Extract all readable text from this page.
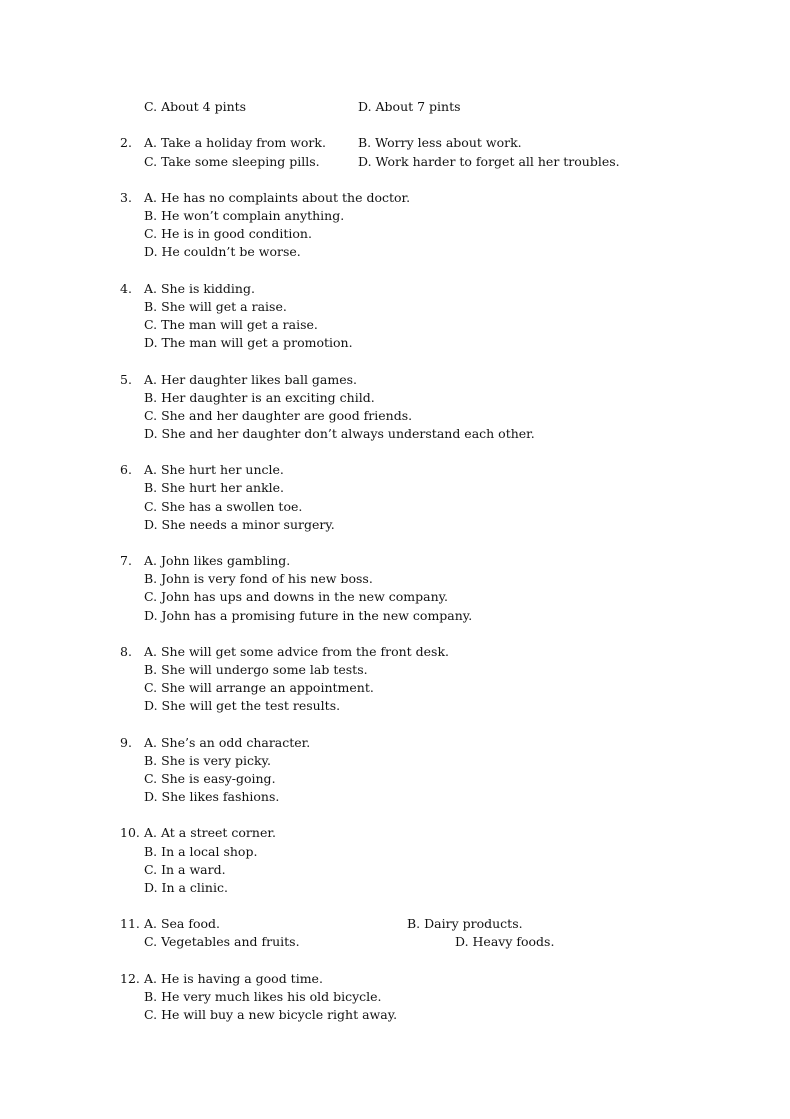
C. About 4 pints	D. About 7 pints
2. A. Take a holiday from work.	B. Worry less about work.
C. Take some sleeping pills.	D. Work harder to forget all her troubles.
3. A. He has no complaints about the doctor.
B. He won’t complain anything.
C. He is in good condition.
D. He couldn’t be worse.
4. A. She is kidding.
B. She will get a raise.
C. The man will get a raise.
D. The man will get a promotion.
5. A. Her daughter likes ball games.
B. Her daughter is an exciting child.
C. She and her daughter are good friends.
D. She and her daughter don’t always understand each other.
6. A. She hurt her uncle.
B. She hurt her ankle.
C. She has a swollen toe.
D. She needs a minor surgery.
7. A. John likes gambling.
B. John is very fond of his new boss.
C. John has ups and downs in the new company.
D. John has a promising future in the new company.
8. A. She will get some advice from the front desk.
B. She will undergo some lab tests.
C. She will arrange an appointment.
D. She will get the test results.
9. A. She’s an odd character.
B. She is very picky.
C. She is easy-going.
D. She likes fashions.
10. A. At a street corner.
B. In a local shop.
C. In a ward.
D. In a clinic.
11. A. Sea food.	B. Dairy products.
C. Vegetables and fruits.	D. Heavy foods.
12. A. He is having a good time.
B. He very much likes his old bicycle.
C. He will buy a new bicycle right away.
